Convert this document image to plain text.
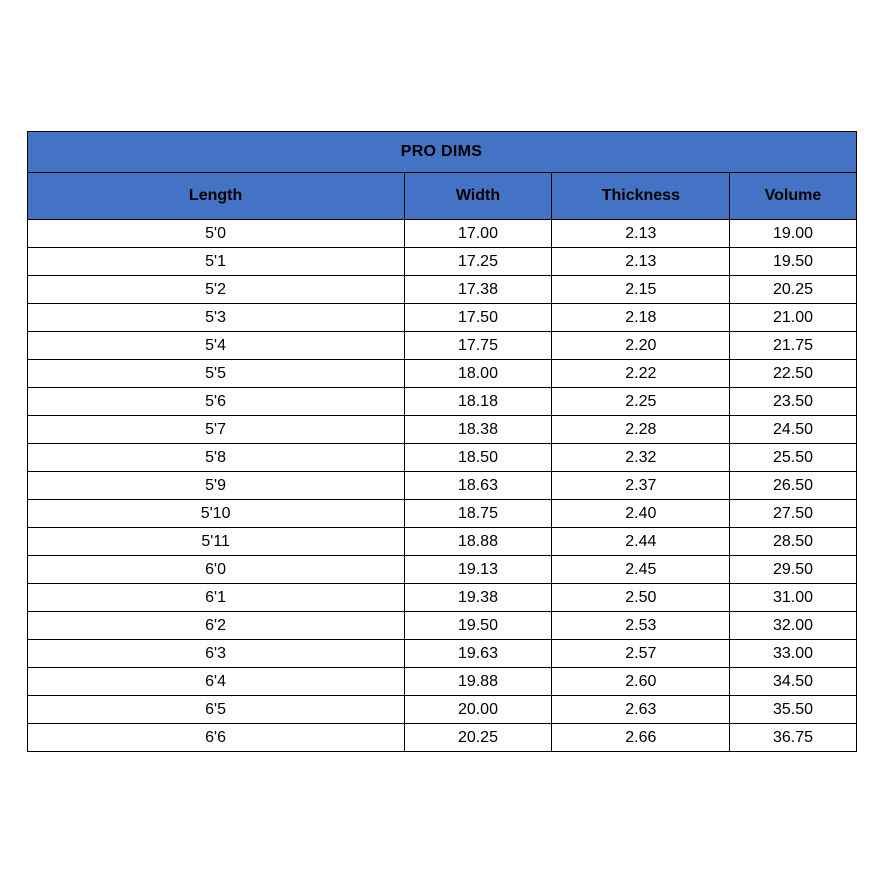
PRO DIMS			
Length	Width	Thickness	Volume
5'0	17.00	2.13	19.00
5'1	17.25	2.13	19.50
5'2	17.38	2.15	20.25
5'3	17.50	2.18	21.00
5'4	17.75	2.20	21.75
5'5	18.00	2.22	22.50
5'6	18.18	2.25	23.50
5'7	18.38	2.28	24.50
5'8	18.50	2.32	25.50
5'9	18.63	2.37	26.50
5'10	18.75	2.40	27.50
5'11	18.88	2.44	28.50
6'0	19.13	2.45	29.50
6'1	19.38	2.50	31.00
6'2	19.50	2.53	32.00
6'3	19.63	2.57	33.00
6'4	19.88	2.60	34.50
6'5	20.00	2.63	35.50
6'6	20.25	2.66	36.75
